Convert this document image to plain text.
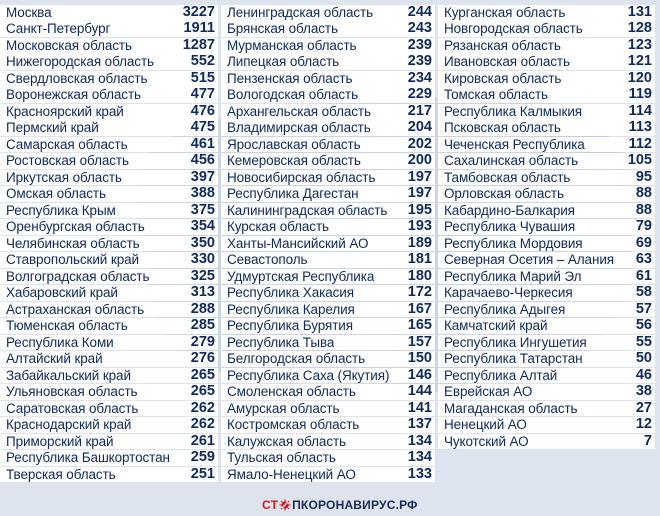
Москва	3227
Санкт-Петербург	1911
Московская область	1287
Нижегородская область	552
Свердловская область	515
Воронежская область	477
Красноярский край	476
Пермский край	475
Самарская область	461
Ростовская область	456
Иркутская область	397
Омская область	388
Республика Крым	375
Оренбургская область	354
Челябинская область	350
Ставропольский край	330
Волгоградская область	325
Хабаровский край	313
Астраханская область	288
Тюменская область	285
Республика Коми	279
Алтайский край	276
Забайкальский край	265
Ульяновская область	265
Саратовская область	262
Краснодарский край	262
Приморский край	261
Республика Башкортостан 259
Тверская область	251
Ленинградская область 244
Брянская область	243
Мурманская область	239
Липецкая область	239
Пензенская область	234
Вологодская область	229
Архангельская область	217
Владимирская область	204
Ярославская область	202
Кемеровская область	200
Новосибирская область 197
Республика Дагестан	197
Калининградская область 195
Курская область	193
Ханты-Мансийский АО	189
Севастополь	181
Удмуртская Республика 180
Республика Хакасия	172
Республика Карелия	167
Республика Бурятия	165
Республика Тыва	157
Белгородская область	150
Республика Саха (Якутия) 146
Смоленская область	144
Амурская область	141
Костромская область	137
Калужская область	134
Тульская область	134
Ямало-Ненецкий АО	133
Курганская область	131
Новгородская область	128
Рязанская область	123
Ивановская область	121
Кировская область	120
Томская область	119
Республика Калмыкия	114
Псковская область	113
Чеченская Республика	112
Сахалинская область	105
Тамбовская область	95
Орловская область	88
Кабардино-Балкария	88
Республика Чувашия	79
Республика Мордовия	69
Северная Осетия – Алания 63
Республика Марий Эл	61
Карачаево-Черкесия	58
Республика Адыгея	57
Камчатский край	56
Республика Ингушетия	55
Республика Татарстан	50
Республика Алтай	46
Еврейская АО	38
Магаданская область	27
Ненецкий АО	12
Чукотский АО	7
СТ ПКОРОНАВИРУС.РФ
